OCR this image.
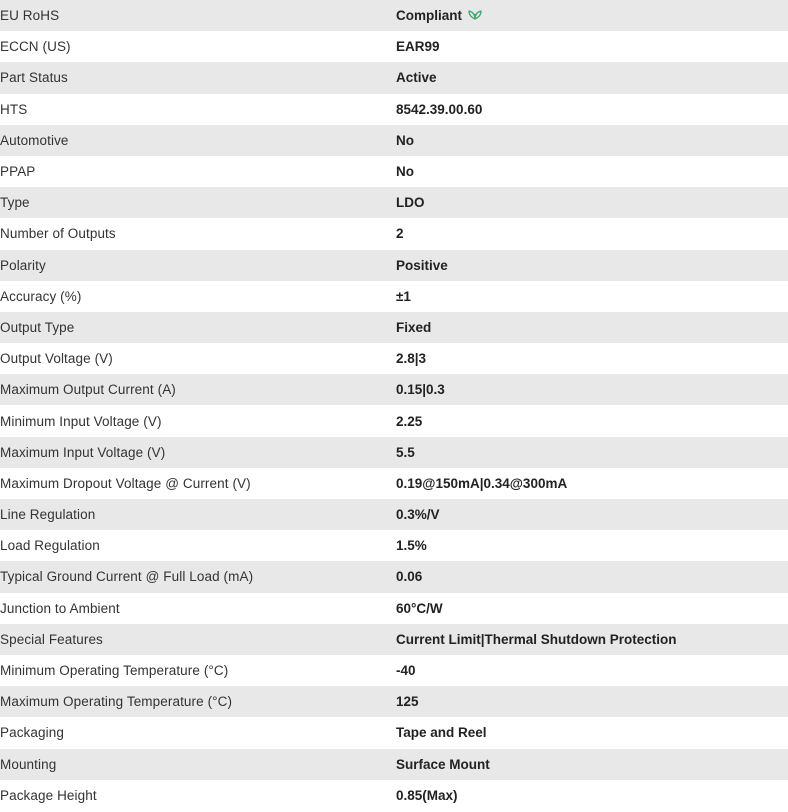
EU RoHS	Compliant
ECCN (US)	EAR99
Part Status	Active
HTS	8542.39.00.60
Automotive	No
PPAP	No
Type	LDO
Number of Outputs	2
Polarity	Positive
Accuracy (%)	±1
Output Type	Fixed
Output Voltage (V)	2.8|3
Maximum Output Current (A)	0.15|0.3
Minimum Input Voltage (V)	2.25
Maximum Input Voltage (V)	5.5
Maximum Dropout Voltage @ Current (V)	0.19@150mA|0.34@300mA
Line Regulation	0.3%/V
Load Regulation	1.5%
Typical Ground Current @ Full Load (mA)	0.06
Junction to Ambient	60°C/W
Special Features	Current Limit|Thermal Shutdown Protection
Minimum Operating Temperature (°C)	-40
Maximum Operating Temperature (°C)	125
Packaging	Tape and Reel
Mounting	Surface Mount
Package Height	0.85(Max)
